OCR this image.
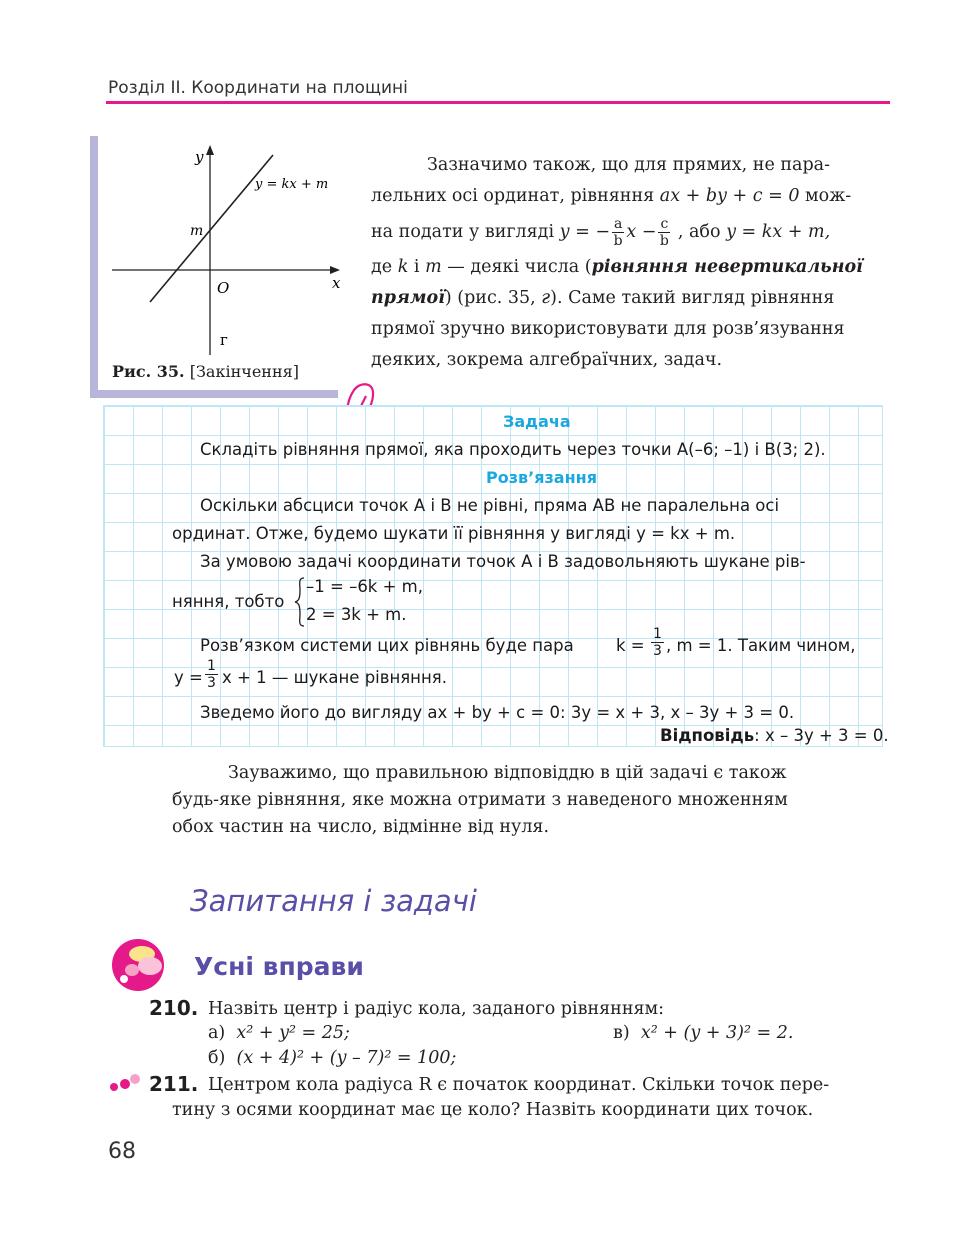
Розділ II. Координати на площині
x
y
O
m
y = kx + m
г
Рис. 35. [Закінчення]
Зазначимо також, що для прямих, не пара-
лельних осі ординат, рівняння ax + by + c = 0 мож-
на подати у вигляді y = − $\frac{a}{b}$ $x - \frac{c}{b}$ , або y = kx + m,
де k і m — деякі числа (рівняння невертикальної
прямої) (рис. 35, г). Саме такий вигляд рівняння
прямої зручно використовувати для розв’язування
деяких, зокрема алгебраїчних, задач.
Задача
Складіть рівняння прямої, яка проходить через точки A(–6; –1) і B(3; 2).
Розв’язання
Оскільки абсциси точок A і B не рівні, пряма AB не паралельна осі
ординат. Отже, будемо шукати її рівняння у вигляді y = kx + m.
За умовою задачі координати точок A і B задовольняють шукане рів-
няння, тобто
–1 = –6k + m,
2 = 3k + m.
Розв’язком системи цих рівнянь буде пара	$k = \frac{1}{3}$ , m = 1. Таким чином,
$y = \frac{1}{3}$ x + 1 — шукане рівняння.
Зведемо його до вигляду ax + by + c = 0: 3y = x + 3, x – 3y + 3 = 0.
Відповідь: x – 3y + 3 = 0.
Зауважимо, що правильною відповіддю в цій задачі є також
будь-яке рівняння, яке можна отримати з наведеного множенням
обох частин на число, відмінне від нуля.
Запитання і задачі
Усні вправи
210. Назвіть центр і радіус кола, заданого рівнянням:
а) x² + y² = 25;	в) x² + (y + 3)² = 2.
б) (x + 4)² + (y – 7)² = 100;
211. Центром кола радіуса R є початок координат. Скільки точок пере-
тину з осями координат має це коло? Назвіть координати цих точок.
68
